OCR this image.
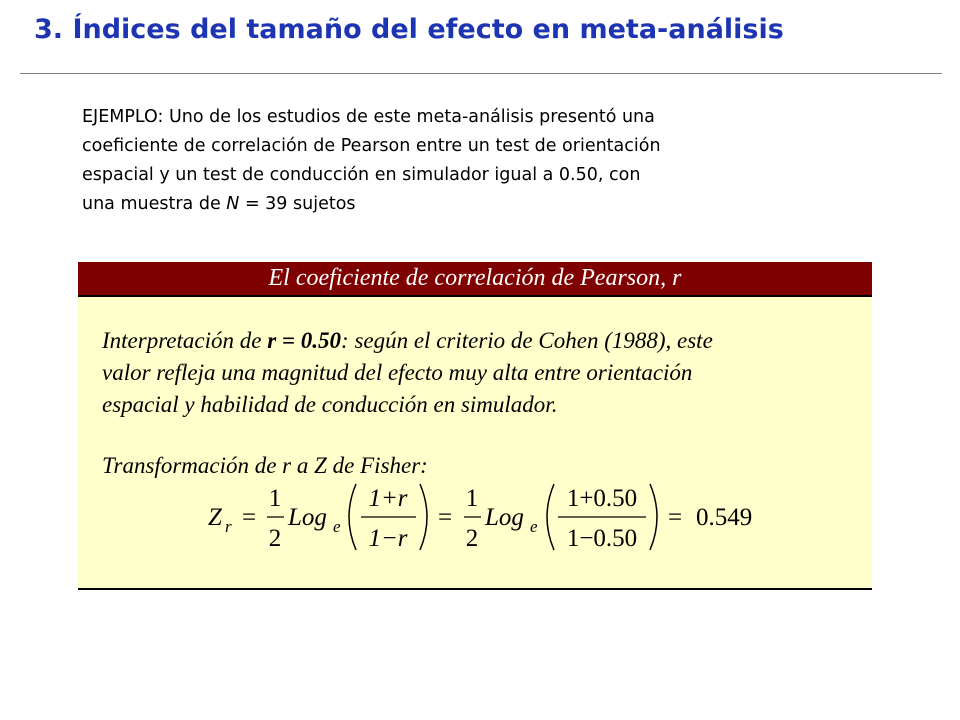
3. Índices del tamaño del efecto en meta-análisis

EJEMPLO: Uno de los estudios de este meta-análisis presentó una

coeficiente de correlación de Pearson entre un test de orientación

espacial y un test de conducción en simulador igual a 0.50, con

una muestra de N = 39 sujetos

El coeficiente de correlación de Pearson, r

Interpretación de r = 0.50: según el criterio de Cohen (1988), este

valor refleja una magnitud del efecto muy alta entre orientación

espacial y habilidad de conducción en simulador.

Transformación de r a Z de Fisher:
Z r =
1
2
Log e
1+r
1−r
=
1
2
Log e
1+0.50
1−0.50
= 0.549
